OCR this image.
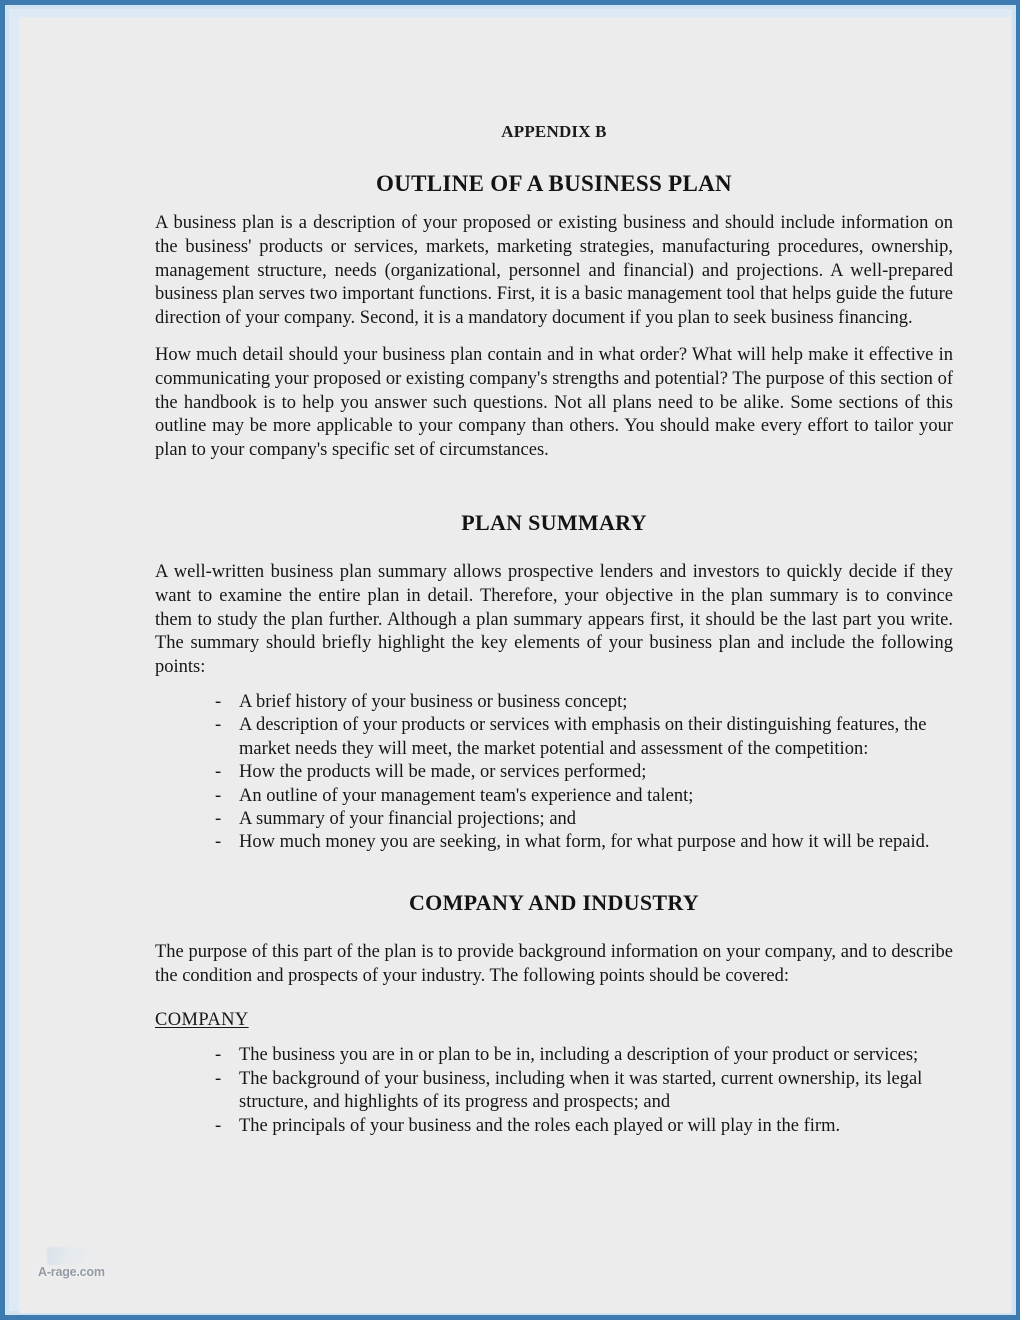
APPENDIX B

OUTLINE OF A BUSINESS PLAN

A business plan is a description of your proposed or existing business and should include information on the business' products or services, markets, marketing strategies, manufacturing procedures, ownership, management structure, needs (organizational, personnel and financial) and projections. A well-prepared business plan serves two important functions. First, it is a basic management tool that helps guide the future direction of your company. Second, it is a mandatory document if you plan to seek business financing.

How much detail should your business plan contain and in what order? What will help make it effective in communicating your proposed or existing company's strengths and potential? The purpose of this section of the handbook is to help you answer such questions. Not all plans need to be alike. Some sections of this outline may be more applicable to your company than others. You should make every effort to tailor your plan to your company's specific set of circumstances.

PLAN SUMMARY

A well-written business plan summary allows prospective lenders and investors to quickly decide if they want to examine the entire plan in detail. Therefore, your objective in the plan summary is to convince them to study the plan further. Although a plan summary appears first, it should be the last part you write. The summary should briefly highlight the key elements of your business plan and include the following points:

- A brief history of your business or business concept;
- A description of your products or services with emphasis on their distinguishing features, the market needs they will meet, the market potential and assessment of the competition:
- How the products will be made, or services performed;
- An outline of your management team's experience and talent;
- A summary of your financial projections; and
- How much money you are seeking, in what form, for what purpose and how it will be repaid.
COMPANY AND INDUSTRY

The purpose of this part of the plan is to provide background information on your company, and to describe the condition and prospects of your industry. The following points should be covered:

COMPANY
- The business you are in or plan to be in, including a description of your product or services;
- The background of your business, including when it was started, current ownership, its legal structure, and highlights of its progress and prospects; and
- The principals of your business and the roles each played or will play in the firm.
A-rage.com
